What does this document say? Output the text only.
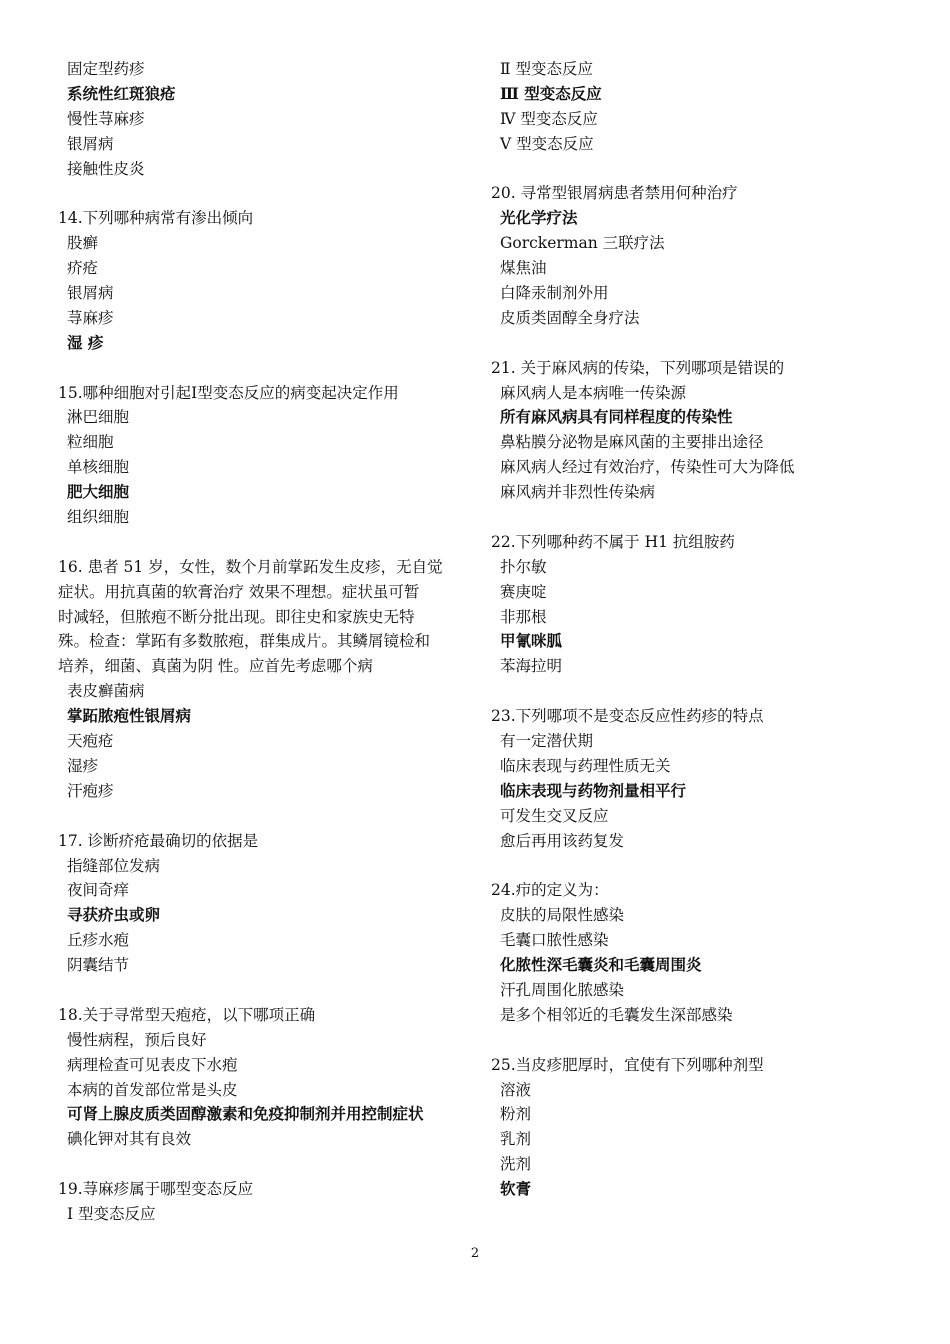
固定型药疹
系统性红斑狼疮
慢性荨麻疹
银屑病
接触性皮炎
14.下列哪种病常有渗出倾向
股癣
疥疮
银屑病
荨麻疹
湿 疹
15.哪种细胞对引起Ⅰ型变态反应的病变起决定作用
淋巴细胞
粒细胞
单核细胞
肥大细胞
组织细胞
16. 患者 51 岁，女性，数个月前掌跖发生皮疹，无自觉
症状。用抗真菌的软膏治疗 效果不理想。症状虽可暂
时减轻，但脓疱不断分批出现。即往史和家族史无特
殊。检查：掌跖有多数脓疱，群集成片。其鳞屑镜检和
培养，细菌、真菌为阴 性。应首先考虑哪个病
表皮癣菌病
掌跖脓疱性银屑病
天疱疮
湿疹
汗疱疹
17. 诊断疥疮最确切的依据是
指缝部位发病
夜间奇痒
寻获疥虫或卵
丘疹水疱
阴囊结节
18.关于寻常型天疱疮，以下哪项正确
慢性病程，预后良好
病理检查可见表皮下水疱
本病的首发部位常是头皮
可肾上腺皮质类固醇激素和免疫抑制剂并用控制症状
碘化钾对其有良效
19.荨麻疹属于哪型变态反应
Ⅰ 型变态反应
Ⅱ 型变态反应
Ⅲ 型变态反应
Ⅳ 型变态反应
Ⅴ 型变态反应
20. 寻常型银屑病患者禁用何种治疗
光化学疗法
Gorckerman 三联疗法
煤焦油
白降汞制剂外用
皮质类固醇全身疗法
21. 关于麻风病的传染，下列哪项是错误的
麻风病人是本病唯一传染源
所有麻风病具有同样程度的传染性
鼻粘膜分泌物是麻风菌的主要排出途径
麻风病人经过有效治疗，传染性可大为降低
麻风病并非烈性传染病
22.下列哪种药不属于 H1 抗组胺药
扑尔敏
赛庚啶
非那根
甲氰咪胍
苯海拉明
23.下列哪项不是变态反应性药疹的特点
有一定潜伏期
临床表现与药理性质无关
临床表现与药物剂量相平行
可发生交叉反应
愈后再用该药复发
24.疖的定义为：
皮肤的局限性感染
毛囊口脓性感染
化脓性深毛囊炎和毛囊周围炎
汗孔周围化脓感染
是多个相邻近的毛囊发生深部感染
25.当皮疹肥厚时，宜使有下列哪种剂型
溶液
粉剂
乳剂
洗剂
软膏
2
